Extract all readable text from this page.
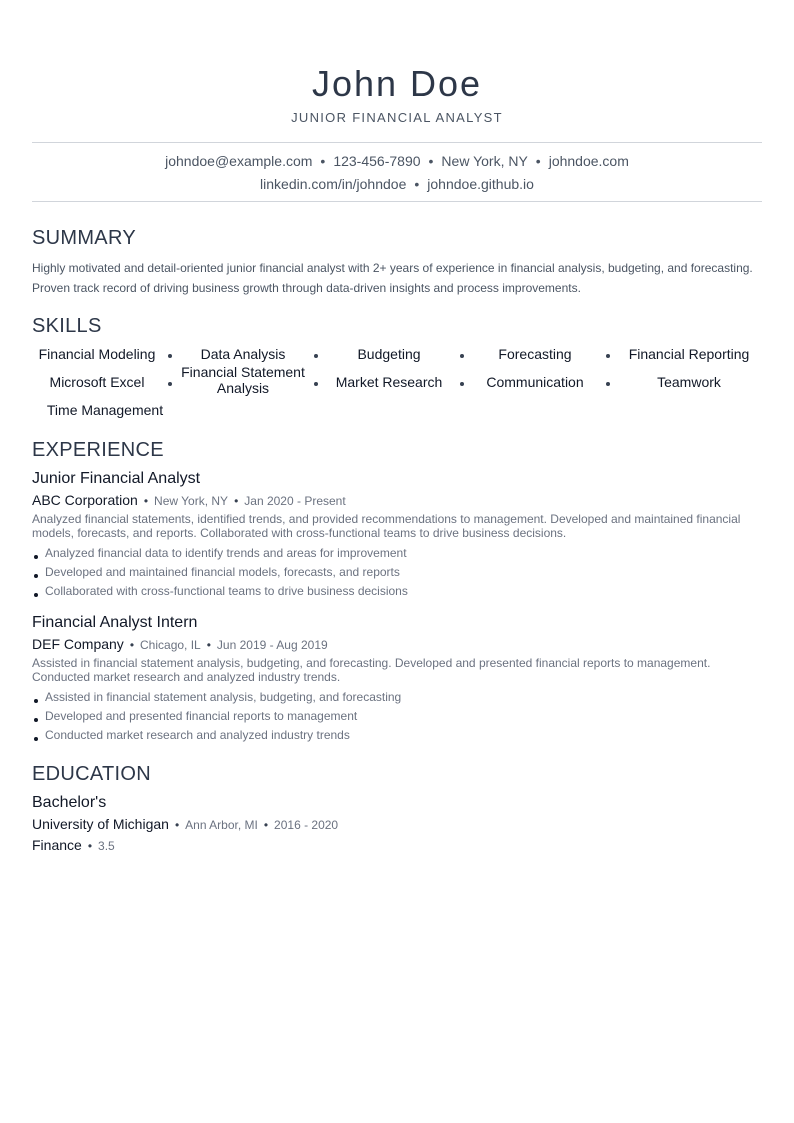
John Doe
JUNIOR FINANCIAL ANALYST
johndoe@example.com • 123-456-7890 • New York, NY • johndoe.com
linkedin.com/in/johndoe • johndoe.github.io
SUMMARY

Highly motivated and detail-oriented junior financial analyst with 2+ years of experience in financial analysis, budgeting, and forecasting. Proven track record of driving business growth through data-driven insights and process improvements.

SKILLS
Financial Modeling	Data Analysis	Budgeting	Forecasting	Financial Reporting
Microsoft Excel
Financial Statement Analysis	Market Research	Communication	Teamwork
Time Management
EXPERIENCE
Junior Financial Analyst
ABC Corporation • New York, NY • Jan 2020 - Present

Analyzed financial statements, identified trends, and provided recommendations to management. Developed and maintained financial models, forecasts, and reports. Collaborated with cross-functional teams to drive business decisions.

Analyzed financial data to identify trends and areas for improvement
Developed and maintained financial models, forecasts, and reports
Collaborated with cross-functional teams to drive business decisions
Financial Analyst Intern
DEF Company • Chicago, IL • Jun 2019 - Aug 2019

Assisted in financial statement analysis, budgeting, and forecasting. Developed and presented financial reports to management. Conducted market research and analyzed industry trends.

Assisted in financial statement analysis, budgeting, and forecasting
Developed and presented financial reports to management
Conducted market research and analyzed industry trends
EDUCATION
Bachelor's
University of Michigan • Ann Arbor, MI • 2016 - 2020
Finance • 3.5
